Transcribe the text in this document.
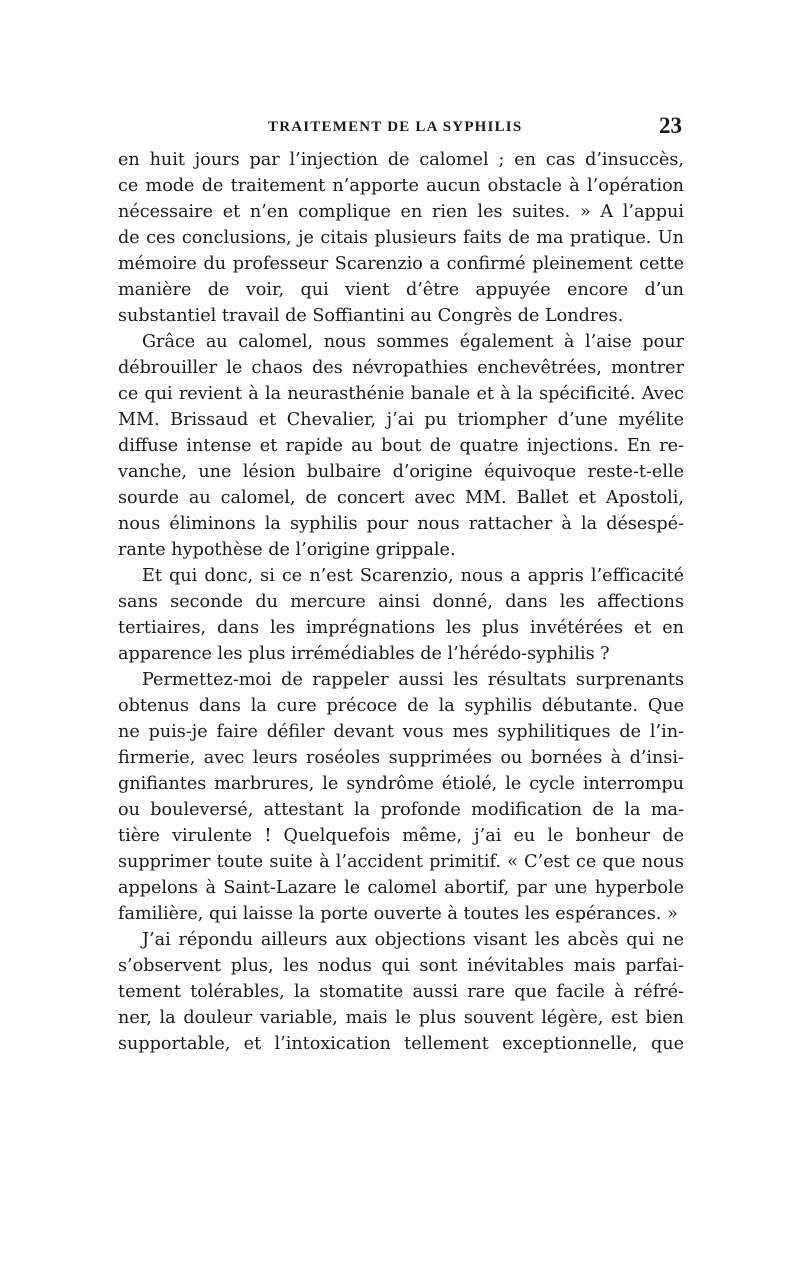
TRAITEMENT DE LA SYPHILIS	23
en huit jours par l’injection de calomel ; en cas d’insuccès,
ce mode de traitement n’apporte aucun obstacle à l’opération
nécessaire et n’en complique en rien les suites. » A l’appui
de ces conclusions, je citais plusieurs faits de ma pratique. Un
mémoire du professeur Scarenzio a confirmé pleinement cette
manière de voir, qui vient d’être appuyée encore d’un
substantiel travail de Soffiantini au Congrès de Londres.
Grâce au calomel, nous sommes également à l’aise pour
débrouiller le chaos des névropathies enchevêtrées, montrer
ce qui revient à la neurasthénie banale et à la spécificité. Avec
MM. Brissaud et Chevalier, j’ai pu triompher d’une myélite
diffuse intense et rapide au bout de quatre injections. En re-
vanche, une lésion bulbaire d’origine équivoque reste-t-elle
sourde au calomel, de concert avec MM. Ballet et Apostoli,
nous éliminons la syphilis pour nous rattacher à la désespé-
rante hypothèse de l’origine grippale.
Et qui donc, si ce n’est Scarenzio, nous a appris l’efficacité
sans seconde du mercure ainsi donné, dans les affections
tertiaires, dans les imprégnations les plus invétérées et en
apparence les plus irrémédiables de l’hérédo-syphilis ?
Permettez-moi de rappeler aussi les résultats surprenants
obtenus dans la cure précoce de la syphilis débutante. Que
ne puis-je faire défiler devant vous mes syphilitiques de l’in-
firmerie, avec leurs roséoles supprimées ou bornées à d’insi-
gnifiantes marbrures, le syndrôme étiolé, le cycle interrompu
ou bouleversé, attestant la profonde modification de la ma-
tière virulente ! Quelquefois même, j’ai eu le bonheur de
supprimer toute suite à l’accident primitif. « C’est ce que nous
appelons à Saint-Lazare le calomel abortif, par une hyperbole
familière, qui laisse la porte ouverte à toutes les espérances. »
J’ai répondu ailleurs aux objections visant les abcès qui ne
s’observent plus, les nodus qui sont inévitables mais parfai-
tement tolérables, la stomatite aussi rare que facile à réfré-
ner, la douleur variable, mais le plus souvent légère, est bien
supportable, et l’intoxication tellement exceptionnelle, que
